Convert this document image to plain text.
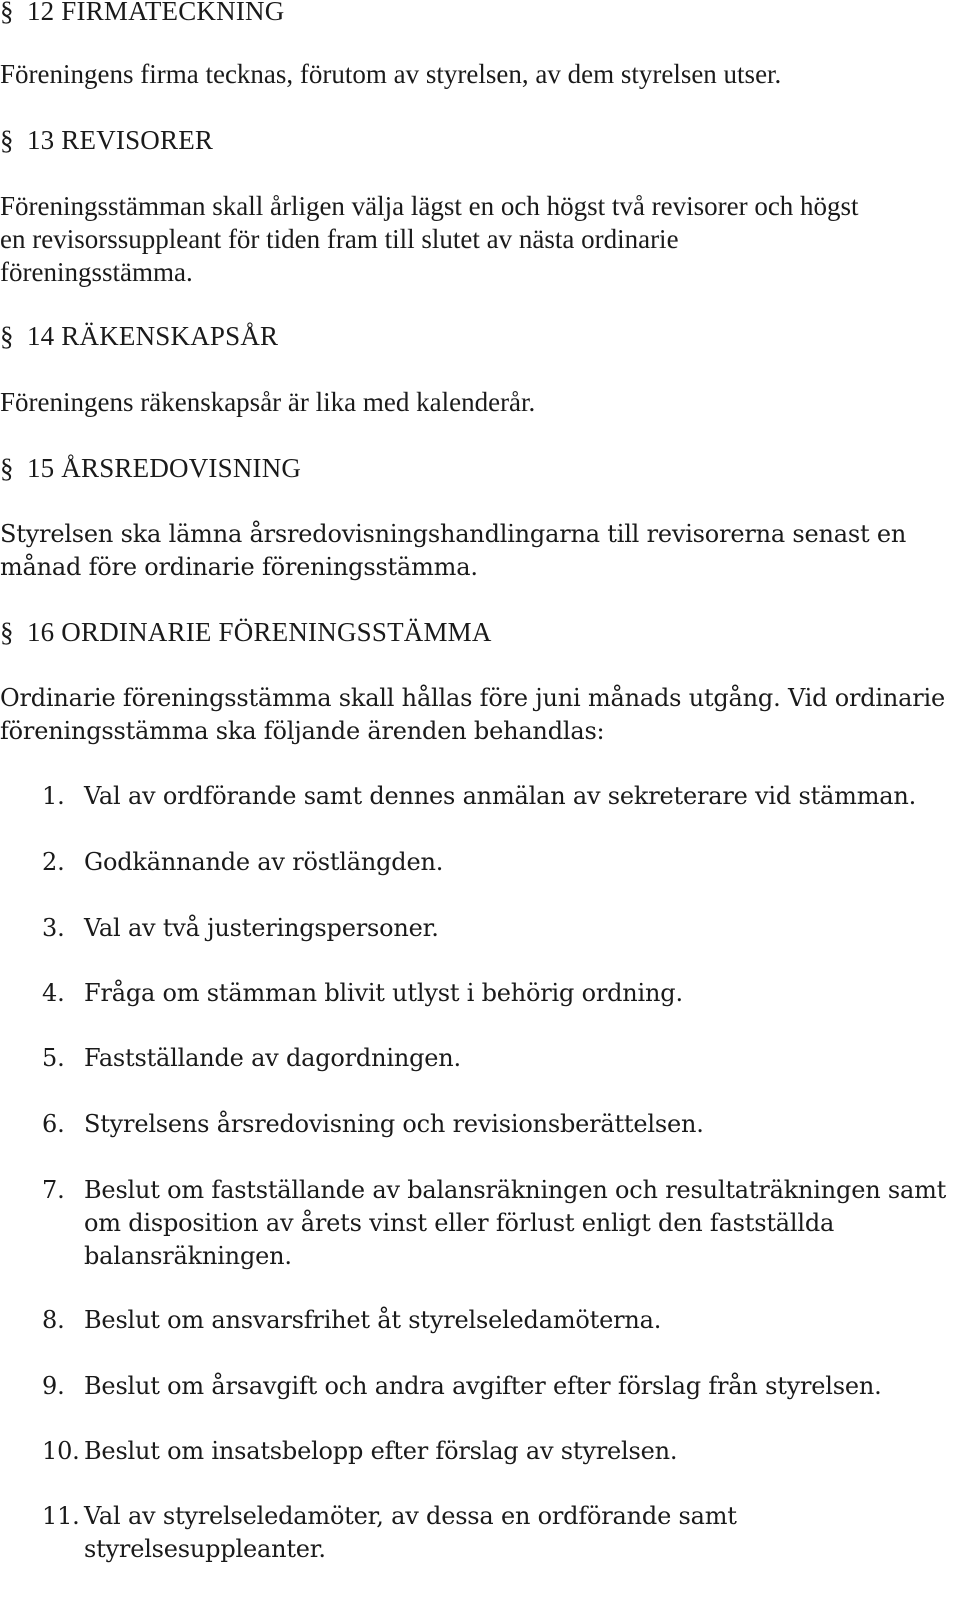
§ 12 FIRMATECKNING
Föreningens firma tecknas, förutom av styrelsen, av dem styrelsen utser.
§ 13 REVISORER
Föreningsstämman skall årligen välja lägst en och högst två revisorer och högst
en revisorssuppleant för tiden fram till slutet av nästa ordinarie
föreningsstämma.
§ 14 RÄKENSKAPSÅR
Föreningens räkenskapsår är lika med kalenderår.
§ 15 ÅRSREDOVISNING
Styrelsen ska lämna årsredovisningshandlingarna till revisorerna senast en
månad före ordinarie föreningsstämma.
§ 16 ORDINARIE FÖRENINGSSTÄMMA
Ordinarie föreningsstämma skall hållas före juni månads utgång. Vid ordinarie
föreningsstämma ska följande ärenden behandlas:
1. Val av ordförande samt dennes anmälan av sekreterare vid stämman.
2. Godkännande av röstlängden.
3. Val av två justeringspersoner.
4. Fråga om stämman blivit utlyst i behörig ordning.
5. Fastställande av dagordningen.
6. Styrelsens årsredovisning och revisionsberättelsen.
7. Beslut om fastställande av balansräkningen och resultaträkningen samt
om disposition av årets vinst eller förlust enligt den fastställda
balansräkningen.
8. Beslut om ansvarsfrihet åt styrelseledamöterna.
9. Beslut om årsavgift och andra avgifter efter förslag från styrelsen.
10. Beslut om insatsbelopp efter förslag av styrelsen.
11. Val av styrelseledamöter, av dessa en ordförande samt
styrelsesuppleanter.
